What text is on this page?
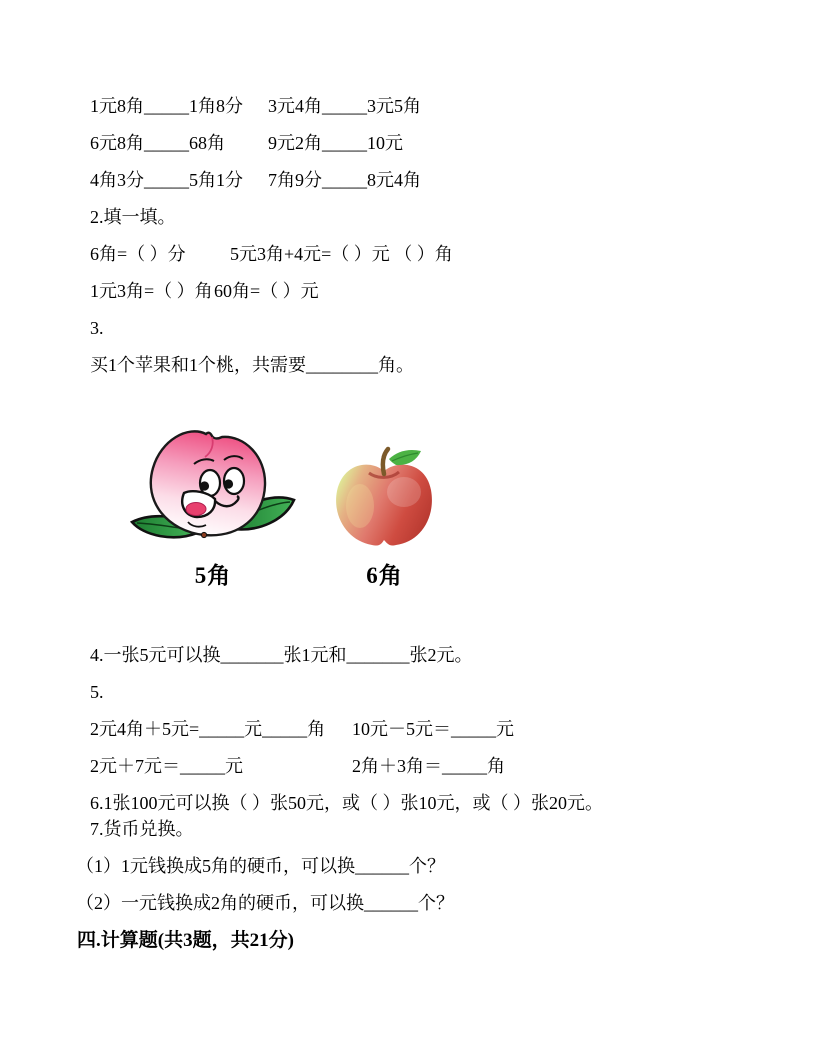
1元8角_____1角8分	3元4角_____3元5角
6元8角_____68角	9元2角_____10元
4角3分_____5角1分	7角9分_____8元4角
2.填一填。
6角=（ ）分	5元3角+4元=（ ）元 （ ）角
1元3角=（ ）角 60角=（ ）元
3.
买1个苹果和1个桃，共需要________角。
5角	6角
4.一张5元可以换_______张1元和_______张2元。
5.
2元4角＋5元=_____元_____角	10元－5元＝_____元
2元＋7元＝_____元	2角＋3角＝_____角
6.1张100元可以换（ ）张50元，或（ ）张10元，或（ ）张20元。
7.货币兑换。
（1）1元钱换成5角的硬币，可以换______个？
（2）一元钱换成2角的硬币，可以换______个？
四.计算题(共3题，共21分)
